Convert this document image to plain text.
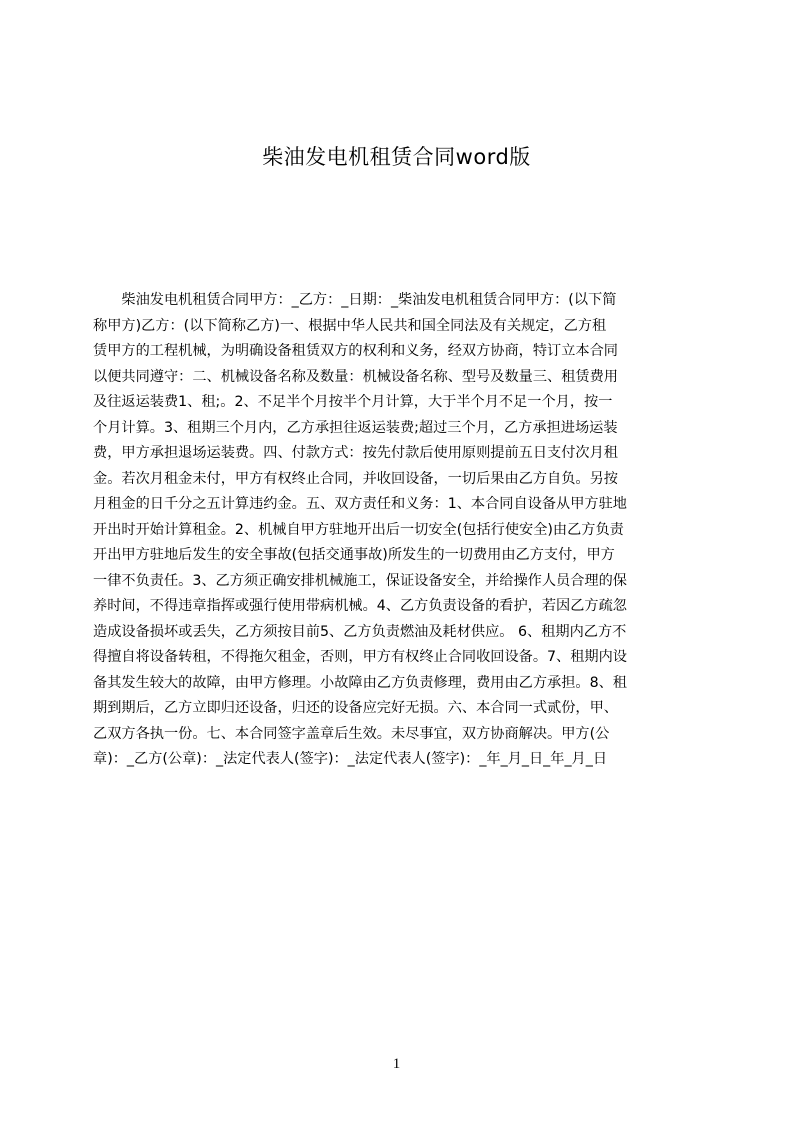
柴油发电机租赁合同word版
　　柴油发电机租赁合同甲方：_乙方：_日期：_柴油发电机租赁合同甲方：(以下简
称甲方)乙方：(以下简称乙方)一、根据中华人民共和国全同法及有关规定，乙方租
赁甲方的工程机械，为明确设备租赁双方的权利和义务，经双方协商，特订立本合同
以便共同遵守：二、机械设备名称及数量：机械设备名称、型号及数量三、租赁费用
及往返运装费1、租;。2、不足半个月按半个月计算，大于半个月不足一个月，按一
个月计算。3、租期三个月内，乙方承担往返运装费;超过三个月，乙方承担进场运装
费，甲方承担退场运装费。四、付款方式：按先付款后使用原则提前五日支付次月租
金。若次月租金未付，甲方有权终止合同，并收回设备，一切后果由乙方自负。另按
月租金的日千分之五计算违约金。五、双方责任和义务：1、本合同自设备从甲方驻地
开出时开始计算租金。2、机械自甲方驻地开出后一切安全(包括行使安全)由乙方负责
开出甲方驻地后发生的安全事故(包括交通事故)所发生的一切费用由乙方支付，甲方
一律不负责任。3、乙方须正确安排机械施工，保证设备安全，并给操作人员合理的保
养时间，不得违章指挥或强行使用带病机械。4、乙方负责设备的看护，若因乙方疏忽
造成设备损坏或丢失，乙方须按目前5、乙方负责燃油及耗材供应。 6、租期内乙方不
得擅自将设备转租，不得拖欠租金，否则，甲方有权终止合同收回设备。7、租期内设
备其发生较大的故障，由甲方修理。小故障由乙方负责修理，费用由乙方承担。8、租
期到期后，乙方立即归还设备，归还的设备应完好无损。六、本合同一式贰份，甲、
乙双方各执一份。七、本合同签字盖章后生效。未尽事宜，双方协商解决。甲方(公
章)：_乙方(公章)：_法定代表人(签字)：_法定代表人(签字)：_年_月_日_年_月_日
1
